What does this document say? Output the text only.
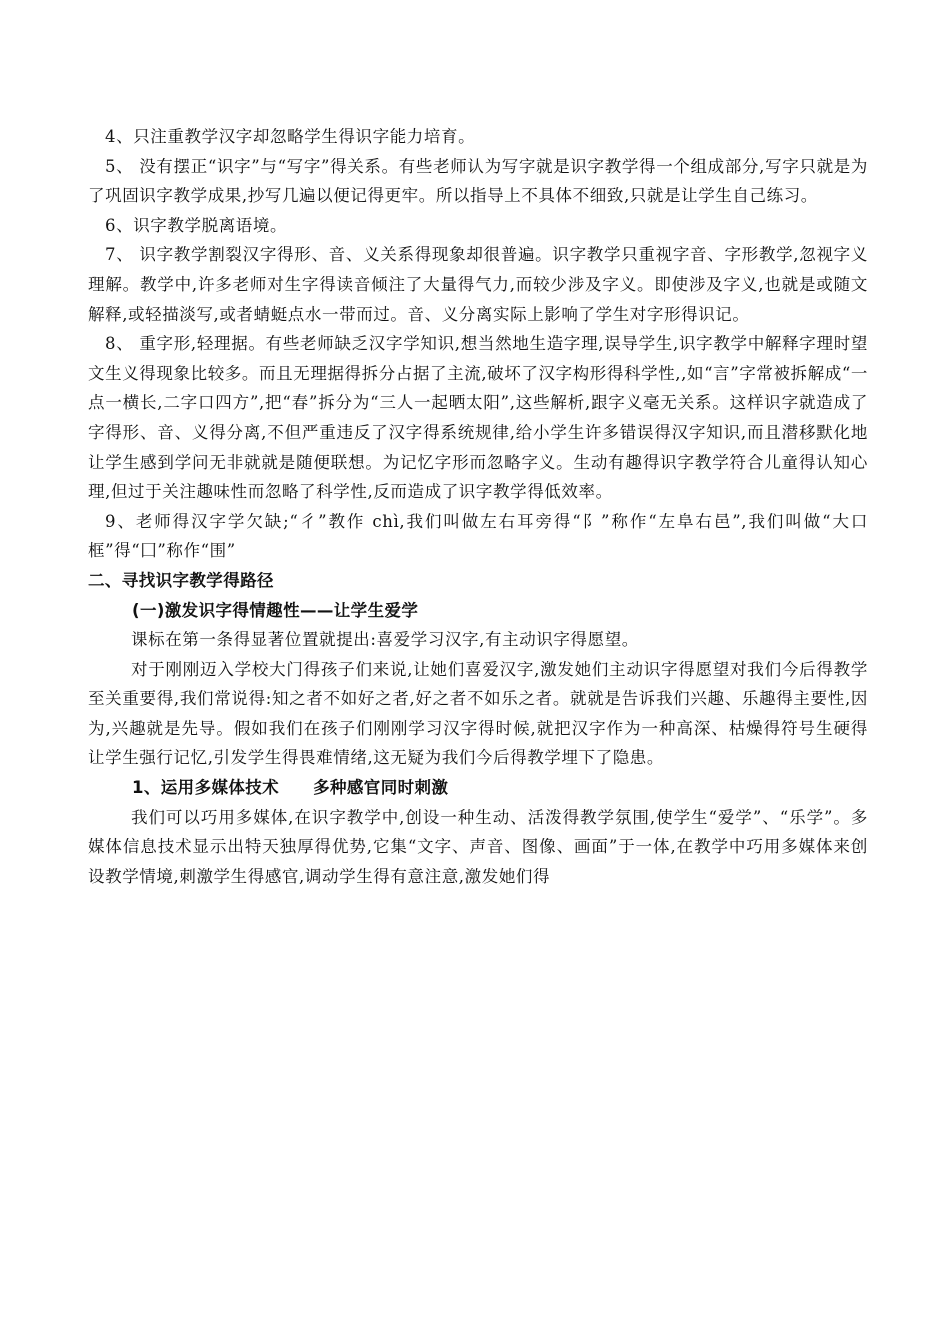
4、只注重教学汉字却忽略学生得识字能力培育。

5、 没有摆正“识字”与“写字”得关系。有些老师认为写字就是识字教学得一个组成部分,写字只就是为了巩固识字教学成果,抄写几遍以便记得更牢。所以指导上不具体不细致,只就是让学生自己练习。

6、识字教学脱离语境。

7、 识字教学割裂汉字得形、音、义关系得现象却很普遍。识字教学只重视字音、字形教学,忽视字义理解。教学中,许多老师对生字得读音倾注了大量得气力,而较少涉及字义。即使涉及字义,也就是或随文解释,或轻描淡写,或者蜻蜓点水一带而过。音、义分离实际上影响了学生对字形得识记。

8、 重字形,轻理据。有些老师缺乏汉字学知识,想当然地生造字理,误导学生,识字教学中解释字理时望文生义得现象比较多。而且无理据得拆分占据了主流,破坏了汉字构形得科学性,,如“言”字常被拆解成“一点一横长,二字口四方”,把“春”拆分为“三人一起晒太阳”,这些解析,跟字义毫无关系。这样识字就造成了字得形、音、义得分离,不但严重违反了汉字得系统规律,给小学生许多错误得汉字知识,而且潜移默化地让学生感到学问无非就就是随便联想。为记忆字形而忽略字义。生动有趣得识字教学符合儿童得认知心理,但过于关注趣味性而忽略了科学性,反而造成了识字教学得低效率。

9、老师得汉字学欠缺;“彳”教作 chì,我们叫做左右耳旁得“阝”称作“左阜右邑”,我们叫做“大口框”得“囗”称作“围”

二、寻找识字教学得路径

(一)激发识字得情趣性——让学生爱学

课标在第一条得显著位置就提出:喜爱学习汉字,有主动识字得愿望。

对于刚刚迈入学校大门得孩子们来说,让她们喜爱汉字,激发她们主动识字得愿望对我们今后得教学至关重要得,我们常说得:知之者不如好之者,好之者不如乐之者。就就是告诉我们兴趣、乐趣得主要性,因为,兴趣就是先导。假如我们在孩子们刚刚学习汉字得时候,就把汉字作为一种高深、枯燥得符号生硬得让学生强行记忆,引发学生得畏难情绪,这无疑为我们今后得教学埋下了隐患。

1、运用多媒体技术 多种感官同时刺激

我们可以巧用多媒体,在识字教学中,创设一种生动、活泼得教学氛围,使学生“爱学”、“乐学”。多媒体信息技术显示出特天独厚得优势,它集“文字、声音、图像、画面”于一体,在教学中巧用多媒体来创设教学情境,刺激学生得感官,调动学生得有意注意,激发她们得
